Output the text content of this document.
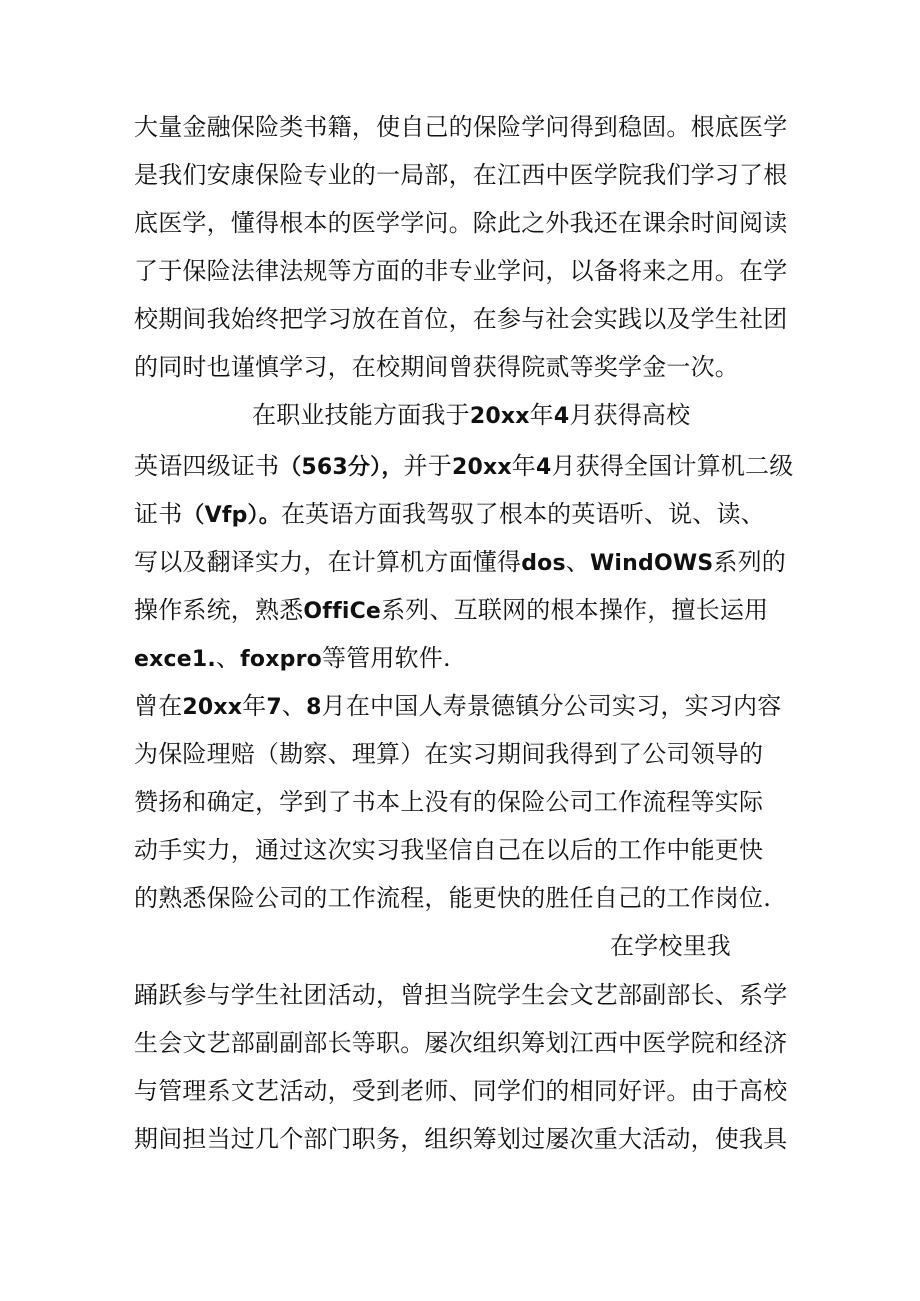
大量金融保险类书籍，使自己的保险学问得到稳固。根底医学
是我们安康保险专业的一局部，在江西中医学院我们学习了根
底医学，懂得根本的医学学问。除此之外我还在课余时间阅读
了于保险法律法规等方面的非专业学问，以备将来之用。在学
校期间我始终把学习放在首位，在参与社会实践以及学生社团
的同时也谨慎学习，在校期间曾获得院贰等奖学金一次。
在职业技能方面我于20xx年4月获得高校
英语四级证书（563分），并于20xx年4月获得全国计算机二级
证书（Vfp）。在英语方面我驾驭了根本的英语听、说、读、
写以及翻译实力，在计算机方面懂得dos、WindOWS系列的
操作系统，熟悉OffiCe系列、互联网的根本操作，擅长运用
exce1.、foxpro等管用软件.
曾在20xx年7、8月在中国人寿景德镇分公司实习，实习内容
为保险理赔（勘察、理算）在实习期间我得到了公司领导的
赞扬和确定，学到了书本上没有的保险公司工作流程等实际
动手实力，通过这次实习我坚信自己在以后的工作中能更快
的熟悉保险公司的工作流程，能更快的胜任自己的工作岗位.
在学校里我
踊跃参与学生社团活动，曾担当院学生会文艺部副部长、系学
生会文艺部副副部长等职。屡次组织筹划江西中医学院和经济
与管理系文艺活动，受到老师、同学们的相同好评。由于高校
期间担当过几个部门职务，组织筹划过屡次重大活动，使我具
